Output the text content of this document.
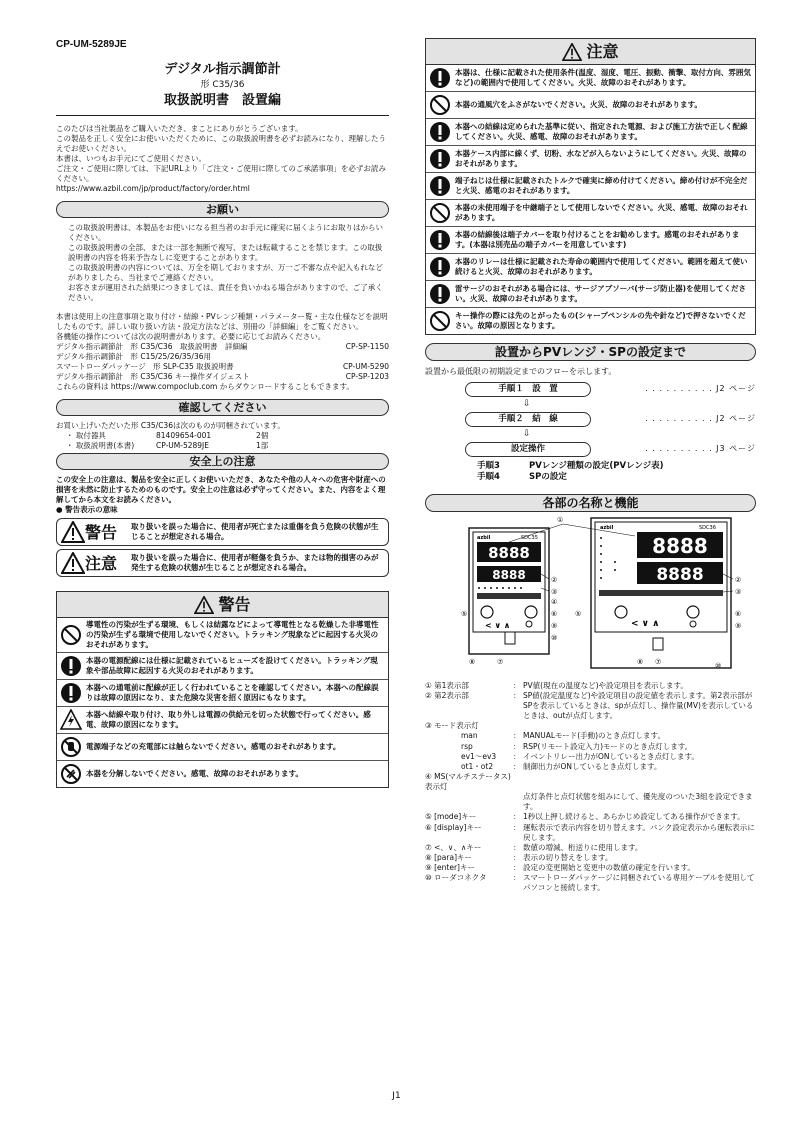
CP-UM-5289JE
デジタル指示調節計
形 C35/36
取扱説明書　設置編

このたびは当社製品をご購入いただき、まことにありがとうございます。

この製品を正しく安全にお使いいただくために、この取扱説明書を必ずお読みになり、理解したうえでお使いください。

本書は、いつもお手元にてご使用ください。

ご注文・ご使用に際しては、下記URLより「ご注文・ご使用に際してのご承諾事項」を必ずお読みください。

https://www.azbil.com/jp/product/factory/order.html

お願い

この取扱説明書は、本製品をお使いになる担当者のお手元に確実に届くようにお取りはからいください。

この取扱説明書の全部、または一部を無断で複写、または転載することを禁じます。この取扱説明書の内容を将来予告なしに変更することがあります。

この取扱説明書の内容については、万全を期しておりますが、万一ご不審な点や記入もれなどがありましたら、当社までご連絡ください。

お客さまが運用された結果につきましては、責任を負いかねる場合がありますので、ご了承ください。

本書は使用上の注意事項と取り付け・結線・PVレンジ種類・パラメーター覧・主な仕様などを説明したものです。詳しい取り扱い方法・設定方法などは、別冊の「詳細編」をご覧ください。

各機能の操作については次の説明書があります。必要に応じてお読みください。

デジタル指示調節計　形 C35/C36　取扱説明書　詳細編	CP-SP-1150
デジタル指示調節計　形 C15/25/26/35/36用
スマートローダパッケージ　形 SLP-C35 取扱説明書	CP-UM-5290
デジタル指示調節計　形 C35/C36 キー操作ダイジェスト	CP-SP-1203

これらの資料は https://www.compoclub.com からダウンロードすることもできます。

確認してください

お買い上げいただいた形 C35/C36は次のものが同梱されています。

・ 取付器具	81409654-001	2個
・ 取扱説明書(本書)	CP-UM-5289JE	1部
安全上の注意

この安全上の注意は、製品を安全に正しくお使いいただき、あなたや他の人々への危害や財産への損害を未然に防止するためのものです。安全上の注意は必ず守ってください。また、内容をよく理解してから本文をお読みください。

● 警告表示の意味

警告 取り扱いを誤った場合に、使用者が死亡または重傷を負う危険の状態が生じることが想定される場合。
注意 取り扱いを誤った場合に、使用者が軽傷を負うか、または物的損害のみが発生する危険の状態が生じることが想定される場合。
警告
導電性の汚染が生ずる環境、もしくは結露などによって導電性となる乾燥した非導電性の汚染が生ずる環境で使用しないでください。トラッキング現象などに起因する火災のおそれがあります。
本器の電源配線には仕様に記載されているヒューズを設けてください。トラッキング現象や部品故障に起因する火災のおそれがあります。
本器への通電前に配線が正しく行われていることを確認してください。本器への配線誤りは故障の原因になり、また危険な災害を招く原因にもなります。
本器へ結線や取り付け、取り外しは電源の供給元を切った状態で行ってください。感電、故障の原因になります。
電源端子などの充電部には触らないでください。感電のおそれがあります。
本器を分解しないでください。感電、故障のおそれがあります。
注意
本器は、仕様に記載された使用条件(温度、湿度、電圧、振動、衝撃、取付方向、雰囲気など)の範囲内で使用してください。火災、故障のおそれがあります。
本器の通風穴をふさがないでください。火災、故障のおそれがあります。
本器への結線は定められた基準に従い、指定された電源、および施工方法で正しく配線してください。火災、感電、故障のおそれがあります。
本器ケース内部に線くず、切粉、水などが入らないようにしてください。火災、故障のおそれがあります。
端子ねじは仕様に記載されたトルクで確実に締め付けてください。締め付けが不完全だと火災、感電のおそれがあります。
本器の未使用端子を中継端子として使用しないでください。火災、感電、故障のおそれがあります。
本器の結線後は端子カバーを取り付けることをお勧めします。感電のおそれがあります。(本器は別売品の端子カバーを用意しています)
本器のリレーは仕様に記載された寿命の範囲内で使用してください。範囲を超えて使い続けると火災、故障のおそれがあります。
雷サージのおそれがある場合には、サージアブソーバ(サージ防止器)を使用してください。火災、故障のおそれがあります。
キー操作の際には先のとがったもの(シャープペンシルの先や針など)で押さないでください。故障の原因となります。
設置からPVレンジ・SPの設定まで

設置から最低限の初期設定までのフローを示します。

手順１　設　置	. . . . . . . . . . J2 ページ
⇩
手順２　結　線	. . . . . . . . . . J2 ページ
⇩
設定操作	. . . . . . . . . . J3 ページ
手順3	PVレンジ種類の設定(PVレンジ表)
手順4	SPの設定
各部の名称と機能
azbil	SDC35
8888
8888
< ∨ ∧
azbil	SDC36
8888
8888
< ∨ ∧
①
②	②
③	③
④
⑤	⑤
⑥	⑥
⑦	⑦
⑧	⑧
⑨	⑨
⑩
⑩
① 第1表示部	： PV値(現在の温度など)や設定項目を表示します。
② 第2表示部	： SP値(設定温度など)や設定項目の設定値を表示します。第2表示部がSPを表示しているときは、spが点灯し、操作量(MV)を表示しているときは、outが点灯します。
③ モード表示灯
man	： MANUALモード(手動)のとき点灯します。
rsp	： RSP(リモート設定入力)モードのとき点灯します。
ev1〜ev3	： イベントリレー出力がONしているとき点灯します。
ot1・ot2	： 制御出力がONしているとき点灯します。
④ MS(マルチステータス)表示灯
点灯条件と点灯状態を組みにして、優先度のついた3組を設定できます。
⑤ [mode]キー	： 1秒以上押し続けると、あらかじめ設定してある操作ができます。
⑥ [display]キー	： 運転表示で表示内容を切り替えます。バンク設定表示から運転表示に戻します。
⑦ <、∨、∧キー	： 数値の増減、桁送りに使用します。
⑧ [para]キー	： 表示の切り替えをします。
⑨ [enter]キー	： 設定の変更開始と変更中の数値の確定を行います。
⑩ ローダコネクタ	： スマートローダパッケージに同梱されている専用ケーブルを使用してパソコンと接続します。
J1
